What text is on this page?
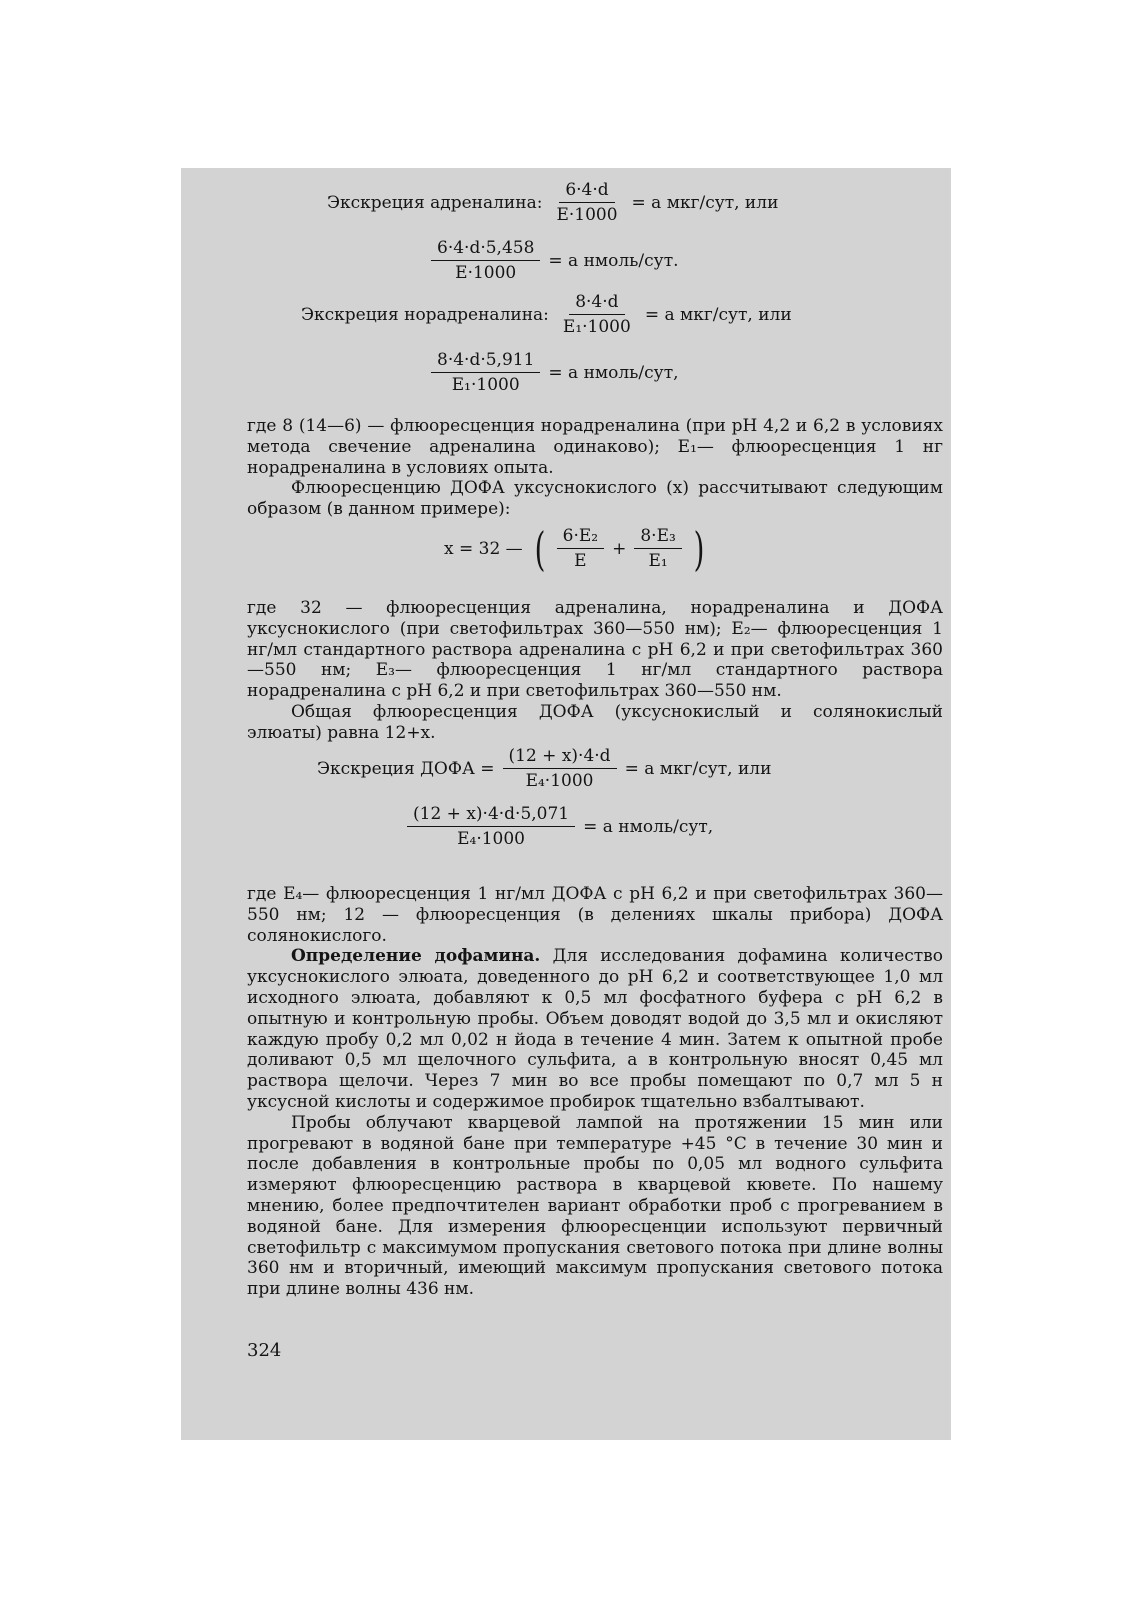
Экскреция адреналина: $\frac{6\cdot 4\cdot d}{E\cdot 1000} = a$ мкг/сут, или
$\frac{6\cdot 4\cdot d\cdot 5,458}{E\cdot 1000} = a$ нмоль/сут.
Экскреция норадреналина: $\frac{8\cdot 4\cdot d}{\text{E₁·1000}} = a$ мкг/сут, или
$\frac{8\cdot 4\cdot d\cdot 5,911}{\text{E₁·1000}} = a$ нмоль/сут,

где 8 (14—6) — флюоресценция норадреналина (при pH 4,2 и 6,2 в условиях метода свечение адреналина одинаково); E₁— флюоресценция 1 нг норадреналина в условиях опыта.

Флюоресценцию ДОФА уксуснокислого (x) рассчитывают следующим образом (в данном примере):

x = 32 — ( $\frac{\text{6·E₂}}{E} + \frac{\text{8·E₃}}{\text{E₁}}$ )

где 32 — флюоресценция адреналина, норадреналина и ДОФА уксуснокислого (при светофильтрах 360—550 нм); E₂— флюоресценция 1 нг/мл стандартного раствора адреналина с pH 6,2 и при светофильтрах 360—550 нм; E₃— флюоресценция 1 нг/мл стандартного раствора норадреналина с pH 6,2 и при светофильтрах 360—550 нм.

Общая флюоресценция ДОФА (уксуснокислый и солянокислый элюаты) равна 12+x.

Экскреция ДОФА = $\frac{(12 + x)\cdot 4\cdot d}{\text{E₄·1000}} = a$ мкг/сут, или
$\frac{(12 + x)\cdot 4\cdot d\cdot 5,071}{\text{E₄·1000}} = a$ нмоль/сут,

где E₄— флюоресценция 1 нг/мл ДОФА с pH 6,2 и при светофильтрах 360—550 нм; 12 — флюоресценция (в делениях шкалы прибора) ДОФА солянокислого.

Определение дофамина. Для исследования дофамина количество уксуснокислого элюата, доведенного до pH 6,2 и соответствующее 1,0 мл исходного элюата, добавляют к 0,5 мл фосфатного буфера с pH 6,2 в опытную и контрольную пробы. Объем доводят водой до 3,5 мл и окисляют каждую пробу 0,2 мл 0,02 н йода в течение 4 мин. Затем к опытной пробе доливают 0,5 мл щелочного сульфита, а в контрольную вносят 0,45 мл раствора щелочи. Через 7 мин во все пробы помещают по 0,7 мл 5 н уксусной кислоты и содержимое пробирок тщательно взбалтывают.

Пробы облучают кварцевой лампой на протяжении 15 мин или прогревают в водяной бане при температуре +45 °C в течение 30 мин и после добавления в контрольные пробы по 0,05 мл водного сульфита измеряют флюоресценцию раствора в кварцевой кювете. По нашему мнению, более предпочтителен вариант обработки проб с прогреванием в водяной бане. Для измерения флюоресценции используют первичный светофильтр с максимумом пропускания светового потока при длине волны 360 нм и вторичный, имеющий максимум пропускания светового потока при длине волны 436 нм.

324
